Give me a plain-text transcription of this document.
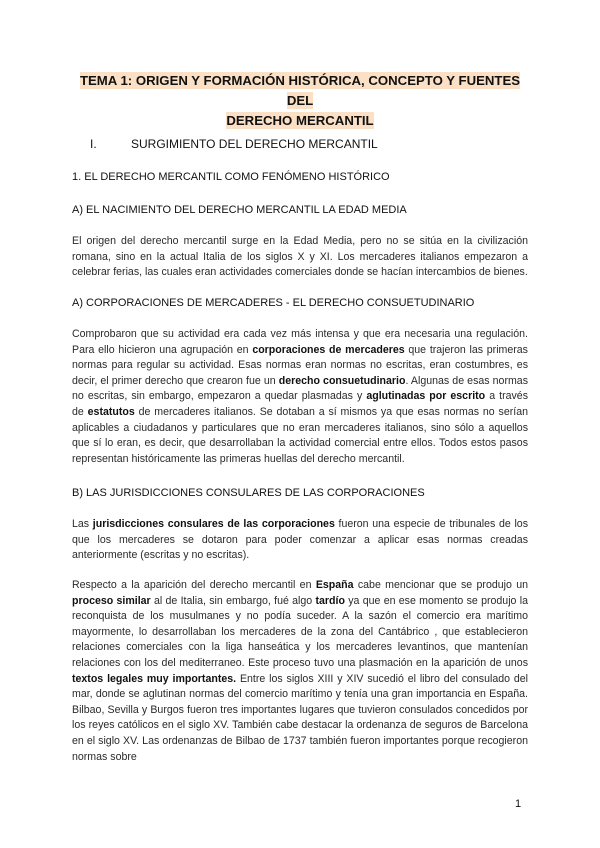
TEMA 1: ORIGEN Y FORMACIÓN HISTÓRICA, CONCEPTO Y FUENTES DEL
DERECHO MERCANTIL
I.	SURGIMIENTO DEL DERECHO MERCANTIL
1. EL DERECHO MERCANTIL COMO FENÓMENO HISTÓRICO
A) EL NACIMIENTO DEL DERECHO MERCANTIL LA EDAD MEDIA
El origen del derecho mercantil surge en la Edad Media, pero no se sitúa en la civilización romana, sino en la actual Italia de los siglos X y XI. Los mercaderes italianos empezaron a celebrar ferias, las cuales eran actividades comerciales donde se hacían intercambios de bienes.
A) CORPORACIONES DE MERCADERES - EL DERECHO CONSUETUDINARIO
Comprobaron que su actividad era cada vez más intensa y que era necesaria una regulación. Para ello hicieron una agrupación en corporaciones de mercaderes que trajeron las primeras normas para regular su actividad. Esas normas eran normas no escritas, eran costumbres, es decir, el primer derecho que crearon fue un derecho consuetudinario. Algunas de esas normas no escritas, sin embargo, empezaron a quedar plasmadas y aglutinadas por escrito a través de estatutos de mercaderes italianos. Se dotaban a sí mismos ya que esas normas no serían aplicables a ciudadanos y particulares que no eran mercaderes italianos, sino sólo a aquellos que sí lo eran, es decir, que desarrollaban la actividad comercial entre ellos. Todos estos pasos representan históricamente las primeras huellas del derecho mercantil.
B) LAS JURISDICCIONES CONSULARES DE LAS CORPORACIONES
Las jurisdicciones consulares de las corporaciones fueron una especie de tribunales de los que los mercaderes se dotaron para poder comenzar a aplicar esas normas creadas anteriormente (escritas y no escritas).
Respecto a la aparición del derecho mercantil en España cabe mencionar que se produjo un proceso similar al de Italia, sin embargo, fué algo tardío ya que en ese momento se produjo la reconquista de los musulmanes y no podía suceder. A la sazón el comercio era marítimo mayormente, lo desarrollaban los mercaderes de la zona del Cantábrico , que establecieron relaciones comerciales con la liga hanseática y los mercaderes levantinos, que mantenían relaciones con los del mediterraneo. Este proceso tuvo una plasmación en la aparición de unos textos legales muy importantes. Entre los siglos XIII y XIV sucedió el libro del consulado del mar, donde se aglutinan normas del comercio marítimo y tenía una gran importancia en España. Bilbao, Sevilla y Burgos fueron tres importantes lugares que tuvieron consulados concedidos por los reyes católicos en el siglo XV. También cabe destacar la ordenanza de seguros de Barcelona en el siglo XV. Las ordenanzas de Bilbao de 1737 también fueron importantes porque recogieron normas sobre
1
